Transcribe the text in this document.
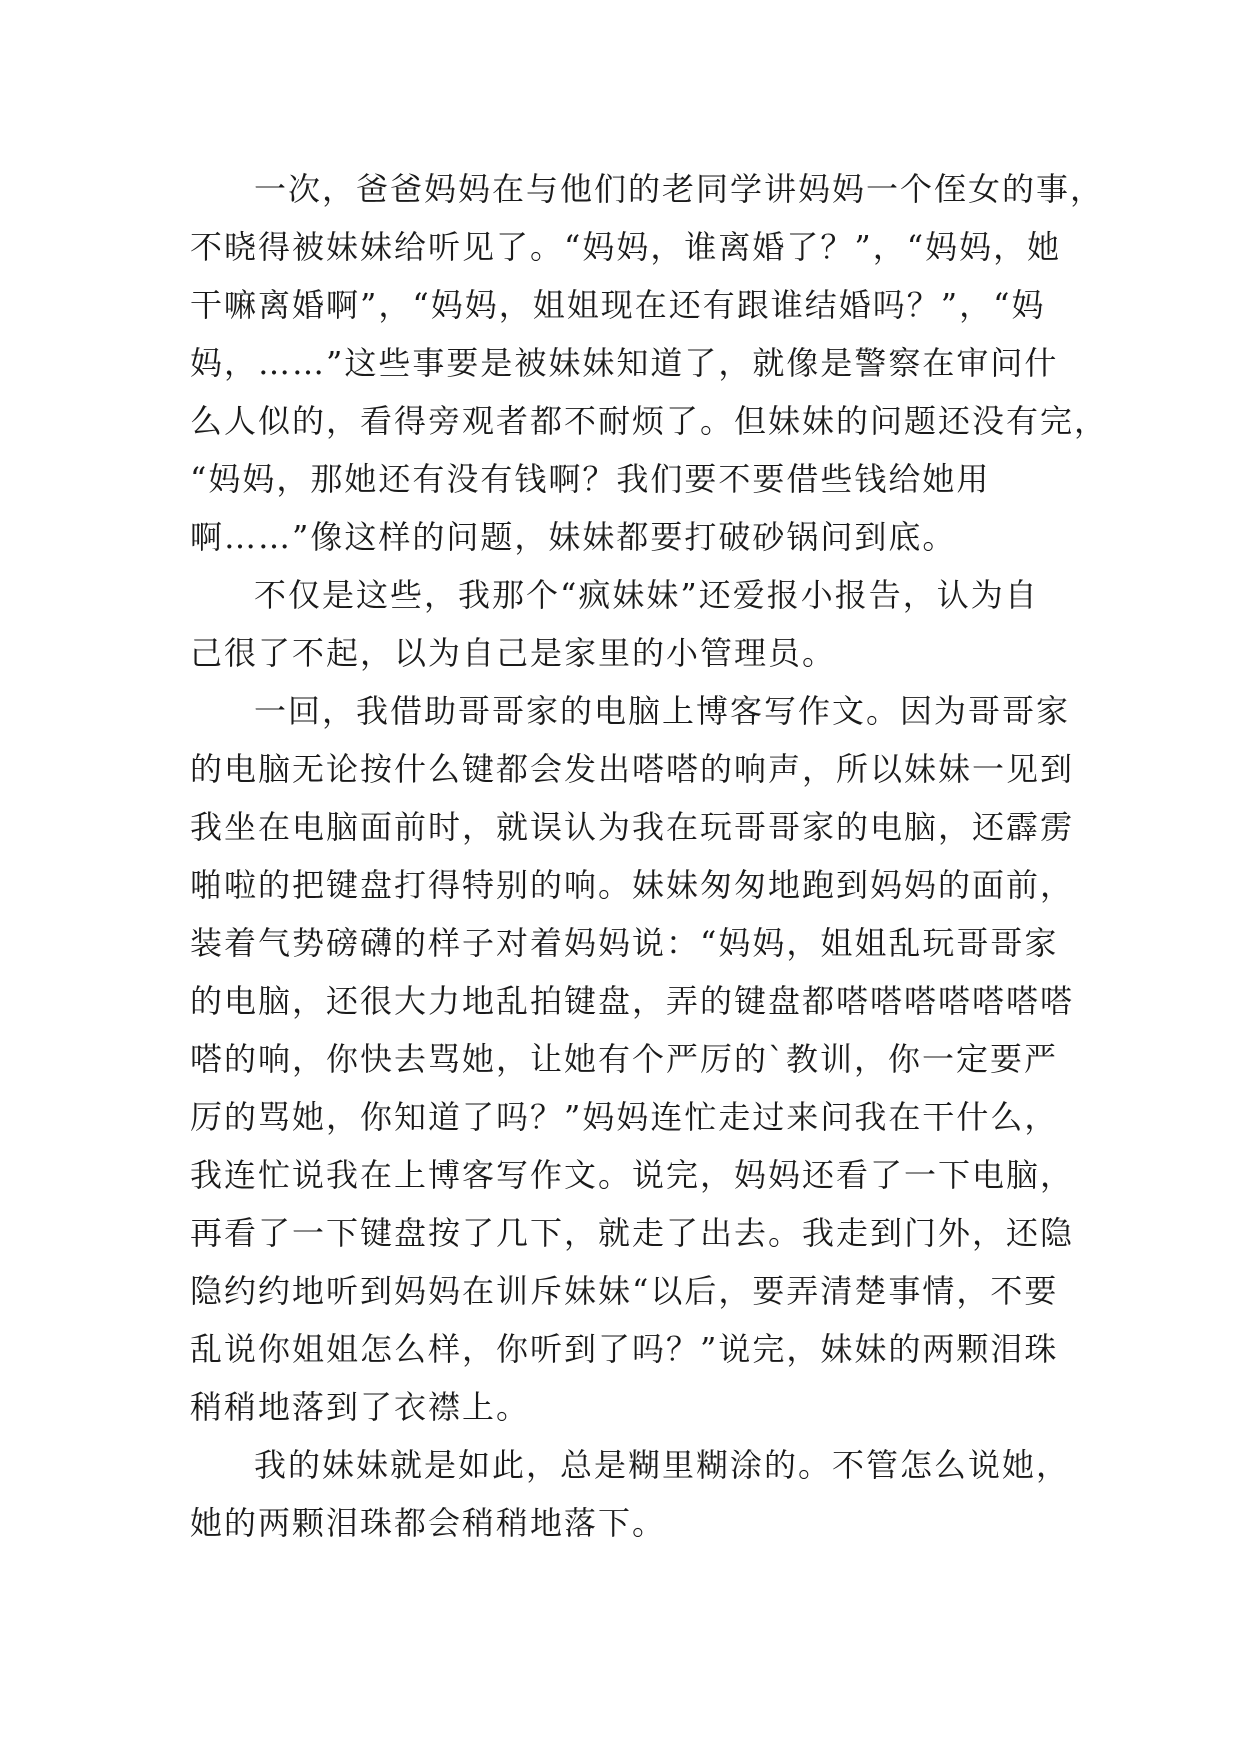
一次，爸爸妈妈在与他们的老同学讲妈妈一个侄女的事，
不晓得被妹妹给听见了。“妈妈，谁离婚了？”，“妈妈，她
干嘛离婚啊”，“妈妈，姐姐现在还有跟谁结婚吗？”，“妈
妈，……”这些事要是被妹妹知道了，就像是警察在审问什
么人似的，看得旁观者都不耐烦了。但妹妹的问题还没有完，
“妈妈，那她还有没有钱啊？我们要不要借些钱给她用
啊……”像这样的问题，妹妹都要打破砂锅问到底。
不仅是这些，我那个“疯妹妹”还爱报小报告，认为自
己很了不起，以为自己是家里的小管理员。
一回，我借助哥哥家的电脑上博客写作文。因为哥哥家
的电脑无论按什么键都会发出嗒嗒的响声，所以妹妹一见到
我坐在电脑面前时，就误认为我在玩哥哥家的电脑，还霹雳
啪啦的把键盘打得特别的响。妹妹匆匆地跑到妈妈的面前，
装着气势磅礴的样子对着妈妈说：“妈妈，姐姐乱玩哥哥家
的电脑，还很大力地乱拍键盘，弄的键盘都嗒嗒嗒嗒嗒嗒嗒
嗒的响，你快去骂她，让她有个严厉的`教训，你一定要严
厉的骂她，你知道了吗？”妈妈连忙走过来问我在干什么，
我连忙说我在上博客写作文。说完，妈妈还看了一下电脑，
再看了一下键盘按了几下，就走了出去。我走到门外，还隐
隐约约地听到妈妈在训斥妹妹“以后，要弄清楚事情，不要
乱说你姐姐怎么样，你听到了吗？”说完，妹妹的两颗泪珠
稍稍地落到了衣襟上。
我的妹妹就是如此，总是糊里糊涂的。不管怎么说她，
她的两颗泪珠都会稍稍地落下。
